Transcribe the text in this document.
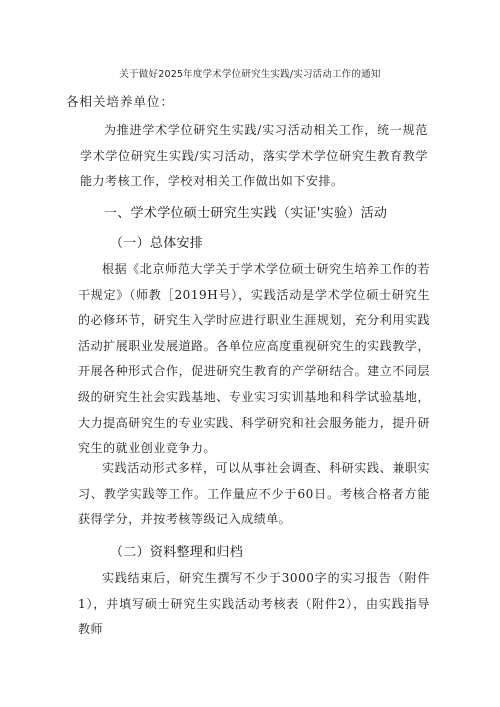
关于做好2025年度学术学位研究生实践/实习活动工作的通知
各相关培养单位：
为推进学术学位研究生实践/实习活动相关工作，统一规范学术学位研究生实践/实习活动，落实学术学位研究生教育教学能力考核工作，学校对相关工作做出如下安排。
一、学术学位硕士研究生实践（实证'实验）活动
（一）总体安排
根据《北京师范大学关于学术学位硕士研究生培养工作的若干规定》（师教［2019H号），实践活动是学术学位硕士研究生的必修环节，研究生入学时应进行职业生涯规划，充分利用实践活动扩展职业发展道路。各单位应高度重视研究生的实践教学，开展各种形式合作，促进研究生教育的产学研结合。建立不同层级的研究生社会实践基地、专业实习实训基地和科学试验基地，大力提高研究生的专业实践、科学研究和社会服务能力，提升研究生的就业创业竞争力。
实践活动形式多样，可以从事社会调查、科研实践、兼职实习、教学实践等工作。工作量应不少于60日。考核合格者方能获得学分，并按考核等级记入成绩单。
（二）资料整理和归档
实践结束后，研究生撰写不少于3000字的实习报告（附件1），并填写硕士研究生实践活动考核表（附件2），由实践指导教师
